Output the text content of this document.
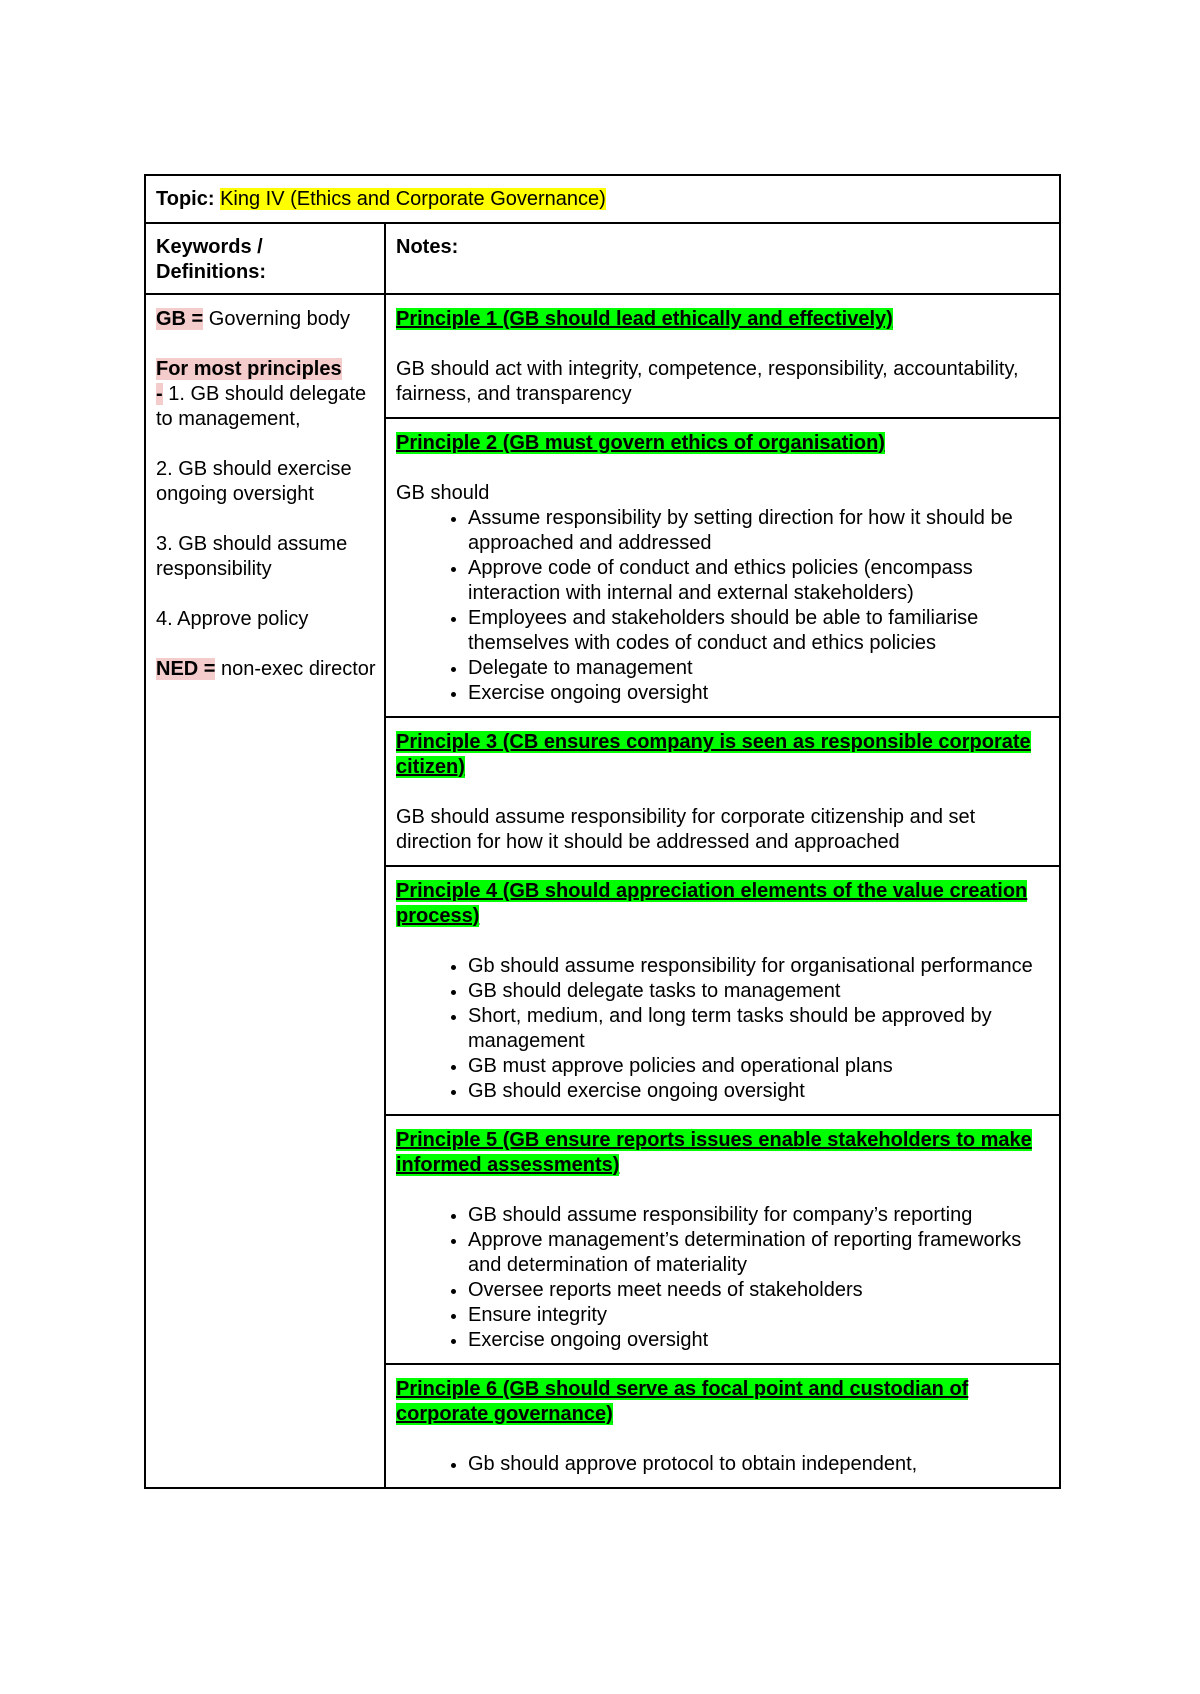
Topic: King IV (Ethics and Corporate Governance)
Keywords / Definitions:
Notes:

GB = Governing body

For most principles
- 1. GB should delegate to management,

2. GB should exercise ongoing oversight

3. GB should assume responsibility

4. Approve policy

NED = non-exec director

Principle 1 (GB should lead ethically and effectively)

GB should act with integrity, competence, responsibility, accountability, fairness, and transparency

Principle 2 (GB must govern ethics of organisation)

GB should

• Assume responsibility by setting direction for how it should be approached and addressed
• Approve code of conduct and ethics policies (encompass interaction with internal and external stakeholders)
• Employees and stakeholders should be able to familiarise themselves with codes of conduct and ethics policies
• Delegate to management
• Exercise ongoing oversight

Principle 3 (CB ensures company is seen as responsible corporate citizen)

GB should assume responsibility for corporate citizenship and set direction for how it should be addressed and approached

Principle 4 (GB should appreciation elements of the value creation process)

• Gb should assume responsibility for organisational performance
• GB should delegate tasks to management
• Short, medium, and long term tasks should be approved by management
• GB must approve policies and operational plans
• GB should exercise ongoing oversight

Principle 5 (GB ensure reports issues enable stakeholders to make informed assessments)

• GB should assume responsibility for company’s reporting
• Approve management’s determination of reporting frameworks and determination of materiality
• Oversee reports meet needs of stakeholders
• Ensure integrity
• Exercise ongoing oversight

Principle 6 (GB should serve as focal point and custodian of corporate governance)

• Gb should approve protocol to obtain independent,
